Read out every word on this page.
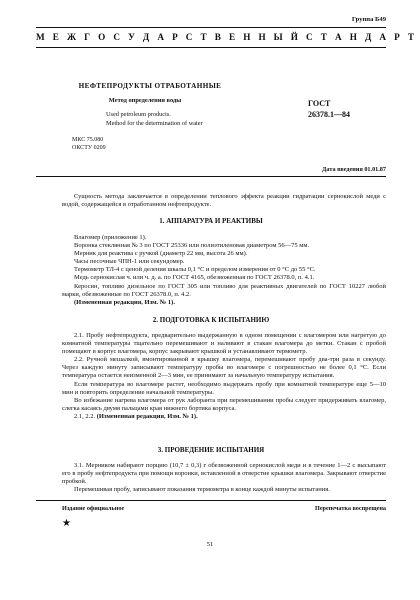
Группа Б49
М Е Ж Г О С У Д А Р С Т В Е Н Н Ы Й С Т А Н Д А Р Т
НЕФТЕПРОДУКТЫ ОТРАБОТАННЫЕ
Метод определения воды
Used petroleum products.
Method for the determination of water
ГОСТ
26378.1—84
МКС 75.080
ОКСТУ 0209
Дата введения 01.01.87

Сущность метода заключается в определении теплового эффекта реакции гидратации сернокислой меди с водой, содержащейся в отработанном нефтепродукте.

1. АППАРАТУРА И РЕАКТИВЫ

Влагомер (приложение 1).

Воронка стеклянная № 3 по ГОСТ 25336 или полиэтиленовая диаметром 56—75 мм.

Мерник для реактива с ручкой (диаметр 22 мм, высота 26 мм).

Часы песочные ЧПН-1 или секундомер.

Термометр ТЛ-4 с ценой деления шкалы 0,1 °С и пределом измерения от 0 °С до 55 °С.

Медь сернокислая ч. или ч. д. а. по ГОСТ 4165, обезвоженная по ГОСТ 26378.0, п. 4.1.

Керосин, топливо дизельное по ГОСТ 305 или топливо для реактивных двигателей по ГОСТ 10227 любой марки, обезвоженные по ГОСТ 26378.0, п. 4.2.

(Измененная редакция, Изм. № 1).

2. ПОДГОТОВКА К ИСПЫТАНИЮ

2.1. Пробу нефтепродукта, предварительно выдержанную в одном помещении с влагомером или нагретую до комнатной температуры тщательно перемешивают и наливают в стакан влагомера до метки. Стакан с пробой помещают в корпус влагомера, корпус закрывают крышкой и устанавливают термометр.

2.2. Ручной мешалкой, вмонтированной в крышку влагомера, перемешивают пробу два-три раза в секунду. Через каждую минуту записывают температуру пробы во влагомере с погрешностью не более 0,1 °С. Если температура остается неизменной 2—3 мин, ее принимают за начальную температуру испытания.

Если температура во влагомере растет, необходимо выдержать пробу при комнатной температуре еще 5—10 мин и повторить определение начальной температуры.

Во избежание нагрева влагомера от рук лаборанта при перемешивании пробы следует придерживать влагомер, слегка касаясь двумя пальцами края нижнего бортика корпуса.

2.1, 2.2. (Измененная редакция, Изм. № 1).

3. ПРОВЕДЕНИЕ ИСПЫТАНИЯ

3.1. Мерником набирают порцию (10,7 ± 0,3) г обезвоженной сернокислой меди и в течение 1—2 с высыпают его в пробу нефтепродукта при помощи воронки, вставленной в отверстие крышки влагомера. Закрывают отверстие пробкой.

Перемешивая пробу, записывают показания термометра в конце каждой минуты испытания.

Издание официальное	Перепечатка воспрещена
★
51
